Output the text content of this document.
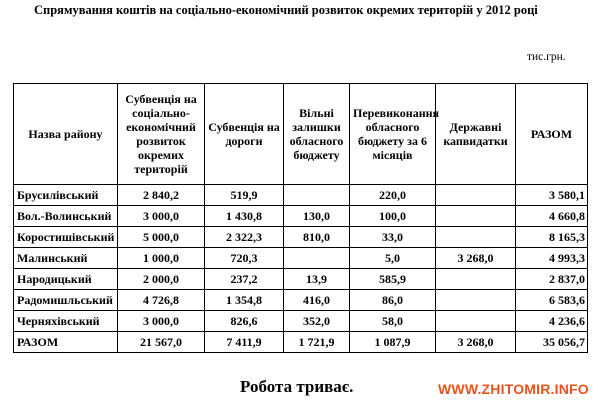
Спрямування коштів на соціально-економічний розвиток окремих територій у 2012 році
тис.грн.
Назва району	Субвенція на соціально-економічний розвиток окремих територій	Субвенція на дороги	Вільні залишки обласного бюджету	Перевиконання обласного бюджету за 6 місяців	Державні капвидатки	РАЗОМ
Брусилівський	2 840,2	519,9		220,0		3 580,1
Вол.-Волинський	3 000,0	1 430,8	130,0	100,0		4 660,8
Коростишівський	5 000,0	2 322,3	810,0	33,0		8 165,3
Малинський	1 000,0	720,3		5,0	3 268,0	4 993,3
Народицький	2 000,0	237,2	13,9	585,9		2 837,0
Радомишльський	4 726,8	1 354,8	416,0	86,0		6 583,6
Черняхівський	3 000,0	826,6	352,0	58,0		4 236,6
РАЗОМ	21 567,0	7 411,9	1 721,9	1 087,9	3 268,0	35 056,7
Робота триває.	WWW.ZHITOMIR.INFO
